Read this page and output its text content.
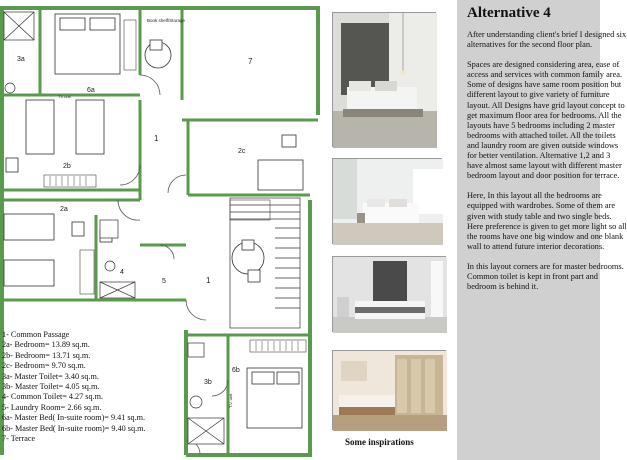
7
6a
3a
2b
2c
2a
1
1
4
5
3b
6b
Book shelf/Storage
TV unit
T.V. unit
1- Common Passage
2a- Bedroom= 13.89 sq.m.
2b- Bedroom= 13.71 sq.m.
2c- Bedroom= 9.70 sq.m.
3a- Master Toilet= 3.40 sq.m.
3b- Master Toilet= 4.05 sq.m.
4- Common Toilet= 4.27 sq.m.
5- Laundry Room= 2.66 sq.m.
6a- Master Bed( In-suite room)= 9.41 sq.m.
6b- Master Bed( In-suite room)= 9.40 sq.m.
7- Terrace	Some inspirations
Alternative 4

After understanding client's brief I designed six alternatives for the second floor plan.

Spaces are designed considering area, ease of access and services with common family area. Some of designs have same room position but different layout to give variety of furniture layout. All Designs have grid layout concept to get maximum floor area for bedrooms. All the layouts have 5 bedrooms including 2 master bedrooms with attached toilet. All the toilets and laundry room are given outside windows for better ventilation. Alternative 1,2 and 3 have almost same layout with different master bedroom layout and door position for terrace.

Here, In this layout all the bedrooms are equipped with wardrobes. Some of them are given with study table and two single beds. Here preference is given to get more light so all the rooms have one big window and one blank wall to attend future interior decorations.

In this layout corners are for master bedrooms. Common toilet is kept in front part and bedroom is behind it.
